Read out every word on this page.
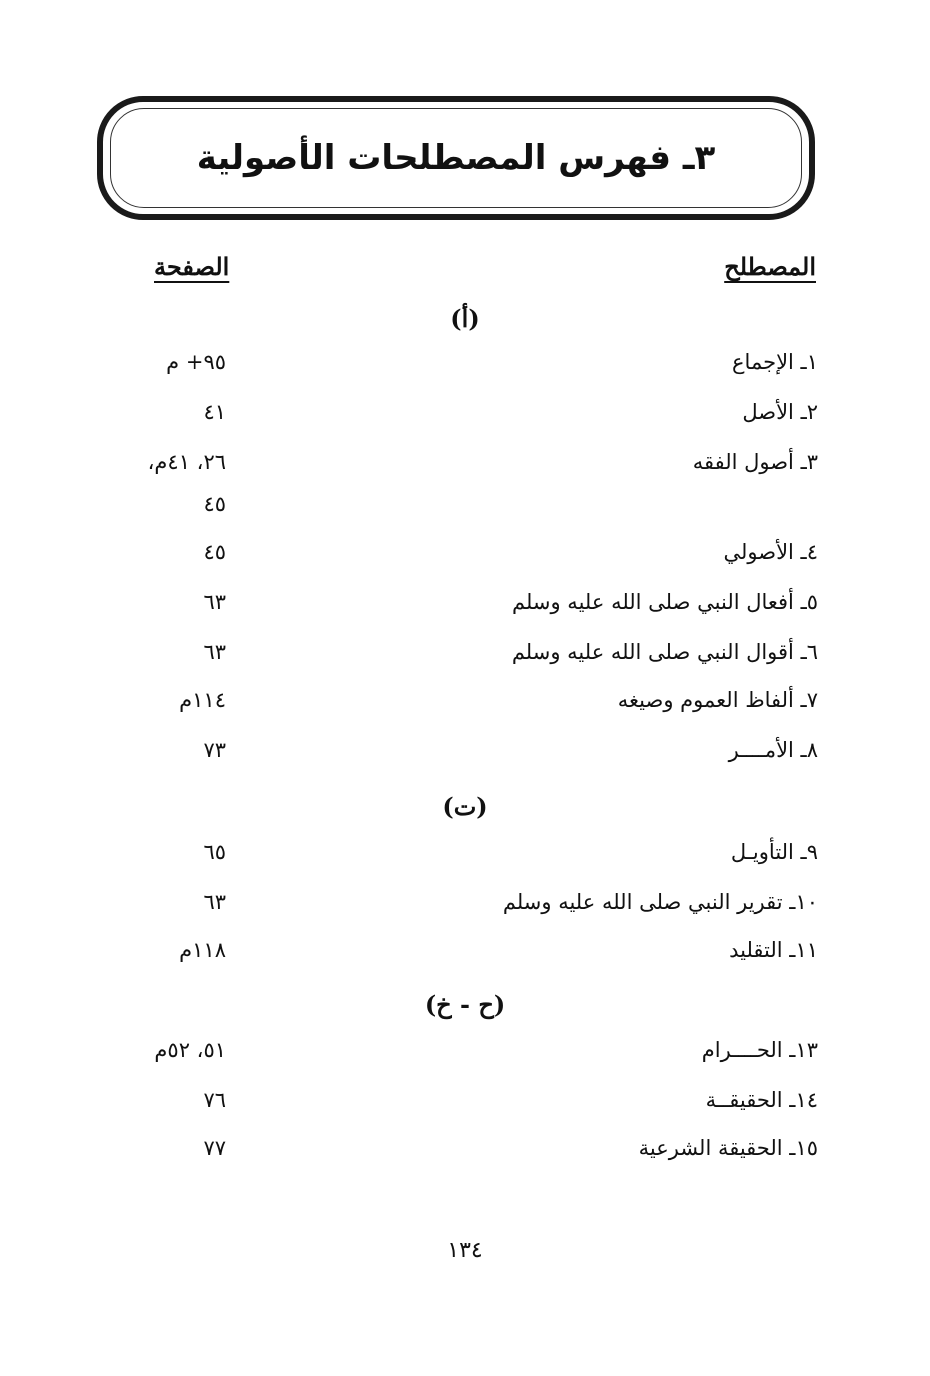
٣ـ فهرس المصطلحات الأصولية
المصطلح
الصفحة
(أ)
١ـ الإجماع
٩٥+ م
٢ـ الأصل
٤١
٣ـ أصول الفقه
٢٦، ٤١م،
٤٥
٤ـ الأصولي
٤٥
٥ـ أفعال النبي صلى الله عليه وسلم
٦٣
٦ـ أقوال النبي صلى الله عليه وسلم
٦٣
٧ـ ألفاظ العموم وصيغه
١١٤م
٨ـ الأمــــر
٧٣
(ت)
٩ـ التأويـل
٦٥
١٠ـ تقرير النبي صلى الله عليه وسلم
٦٣
١١ـ التقليد
١١٨م
(ح - خ)
١٣ـ الحــــرام
٥١، ٥٢م
١٤ـ الحقيقــة
٧٦
١٥ـ الحقيقة الشرعية
٧٧
١٣٤
